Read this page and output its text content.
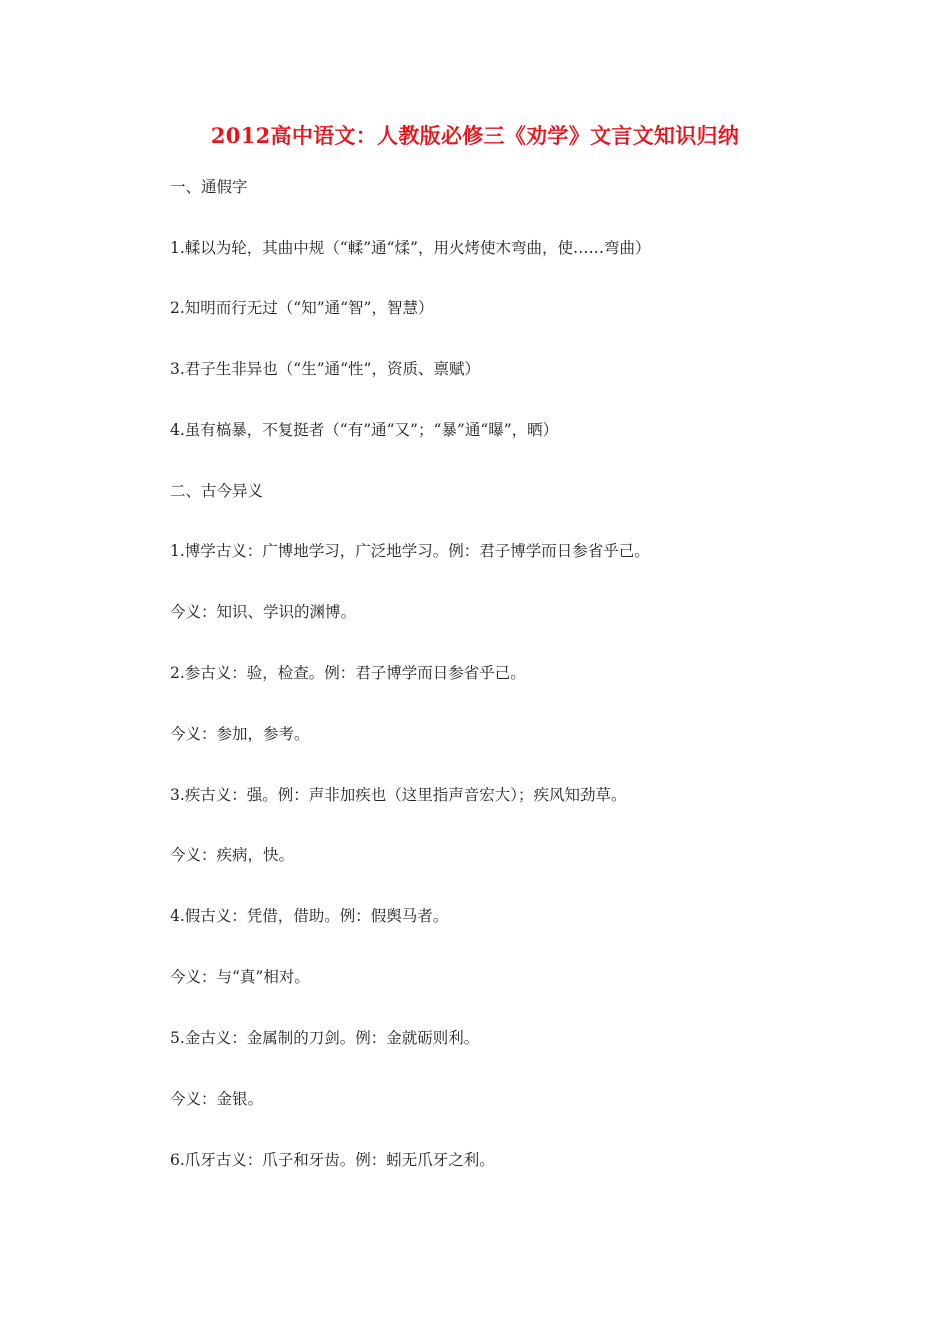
2012高中语文：人教版必修三《劝学》文言文知识归纳
一、通假字
1.輮以为轮，其曲中规（“輮”通“煣”，用火烤使木弯曲，使……弯曲）
2.知明而行无过（“知”通“智”，智慧）
3.君子生非异也（“生”通“性”，资质、禀赋）
4.虽有槁暴，不复挺者（“有”通“又”；“暴”通“曝”，晒）
二、古今异义
1.博学古义：广博地学习，广泛地学习。例：君子博学而日参省乎己。
今义：知识、学识的渊博。
2.参古义：验，检查。例：君子博学而日参省乎己。
今义：参加，参考。
3.疾古义：强。例：声非加疾也（这里指声音宏大）；疾风知劲草。
今义：疾病，快。
4.假古义：凭借，借助。例：假舆马者。
今义：与“真”相对。
5.金古义：金属制的刀剑。例：金就砺则利。
今义：金银。
6.爪牙古义：爪子和牙齿。例：蚓无爪牙之利。
